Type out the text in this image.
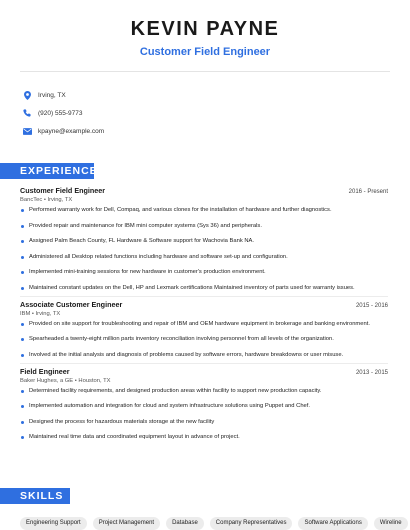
KEVIN PAYNE
Customer Field Engineer
Irving, TX
(920) 555-9773
kpayne@example.com
EXPERIENCE
Customer Field Engineer	2016 - Present
BancTec • Irving, TX
Performed warranty work for Dell, Compaq, and various clones for the installation of hardware and further diagnostics.
Provided repair and maintenance for IBM mini computer systems (Sys 36) and peripherals.
Assigned Palm Beach County, FL Hardware & Software support for Wachovia Bank NA.
Administered all Desktop related functions including hardware and software set-up and configuration.
Implemented mini-training sessions for new hardware in customer's production environment.
Maintained constant updates on the Dell, HP and Lexmark certifications Maintained inventory of parts used for warranty issues.
Associate Customer Engineer	2015 - 2016
IBM • Irving, TX
Provided on site support for troubleshooting and repair of IBM and OEM hardware equipment in brokerage and banking environment.
Spearheaded a twenty-eight million parts inventory reconciliation involving personnel from all levels of the organization.
Involved at the initial analysis and diagnosis of problems caused by software errors, hardware breakdowns or user misuse.
Field Engineer	2013 - 2015
Baker Hughes, a GE • Houston, TX
Determined facility requirements, and designed production areas within facility to support new production capacity.
Implemented automation and integration for cloud and system infrastructure solutions using Puppet and Chef.
Designed the process for hazardous materials storage at the new facility
Maintained real time data and coordinated equipment layout in advance of project.
SKILLS
Engineering Support	Project Management	Database	Company Representatives	Software Applications	Wireline
